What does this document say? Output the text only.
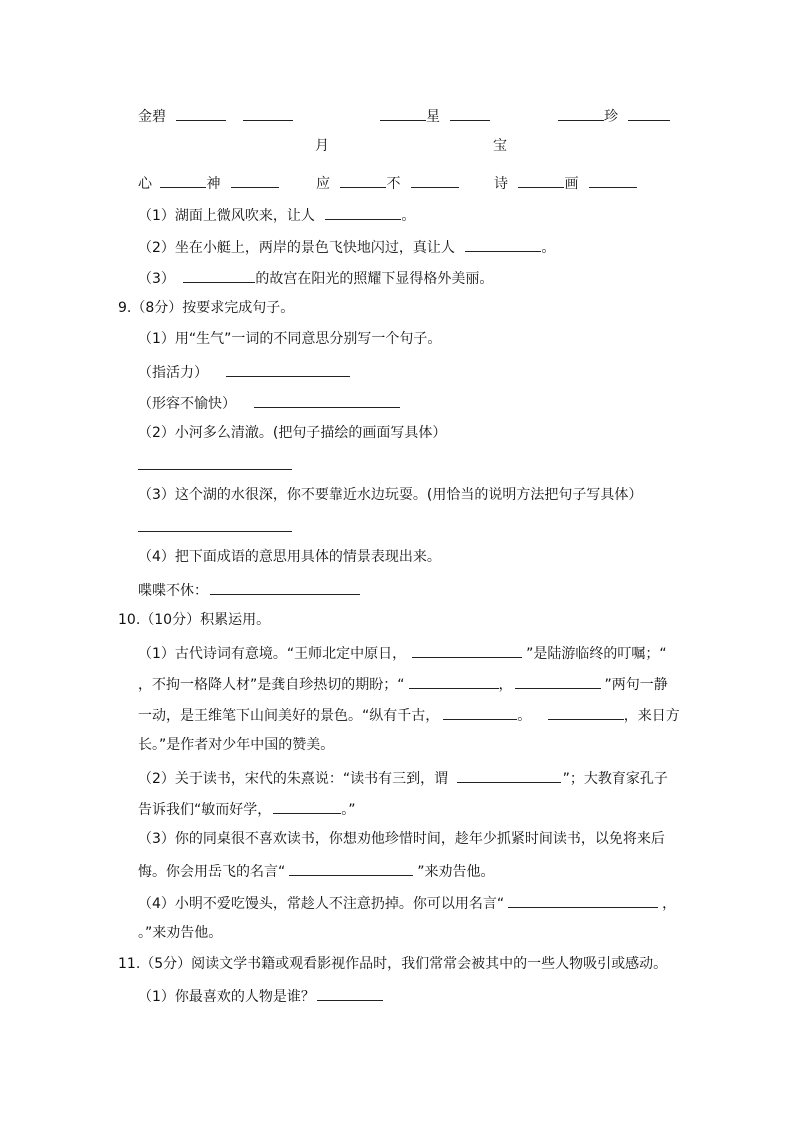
金碧	星	珍
月	宝
心	神	应	不	诗	画
（1）湖面上微风吹来，让人	。
（2）坐在小艇上，两岸的景色飞快地闪过，真让人	。
（3）	的故宫在阳光的照耀下显得格外美丽。
9.（8分）按要求完成句子。
（1）用“生气”一词的不同意思分别写一个句子。
（指活力）
（形容不愉快）
（2）小河多么清澈。(把句子描绘的画面写具体）
（3）这个湖的水很深，你不要靠近水边玩耍。(用恰当的说明方法把句子写具体）
（4）把下面成语的意思用具体的情景表现出来。
喋喋不休：
10.（10分）积累运用。
（1）古代诗词有意境。“王师北定中原日，	”是陆游临终的叮嘱；“
，不拘一格降人材”是龚自珍热切的期盼；“	，	”两句一静
一动，是王维笔下山间美好的景色。“纵有千古，	。	，来日方
长。”是作者对少年中国的赞美。
（2）关于读书，宋代的朱熹说：“读书有三到，谓	”；大教育家孔子
告诉我们“敏而好学，	。”
（3）你的同桌很不喜欢读书，你想劝他珍惜时间，趁年少抓紧时间读书，以免将来后
悔。你会用岳飞的名言“	”来劝告他。
（4）小明不爱吃馒头，常趁人不注意扔掉。你可以用名言“	，
。”来劝告他。
11.（5分）阅读文学书籍或观看影视作品时，我们常常会被其中的一些人物吸引或感动。
（1）你最喜欢的人物是谁？
